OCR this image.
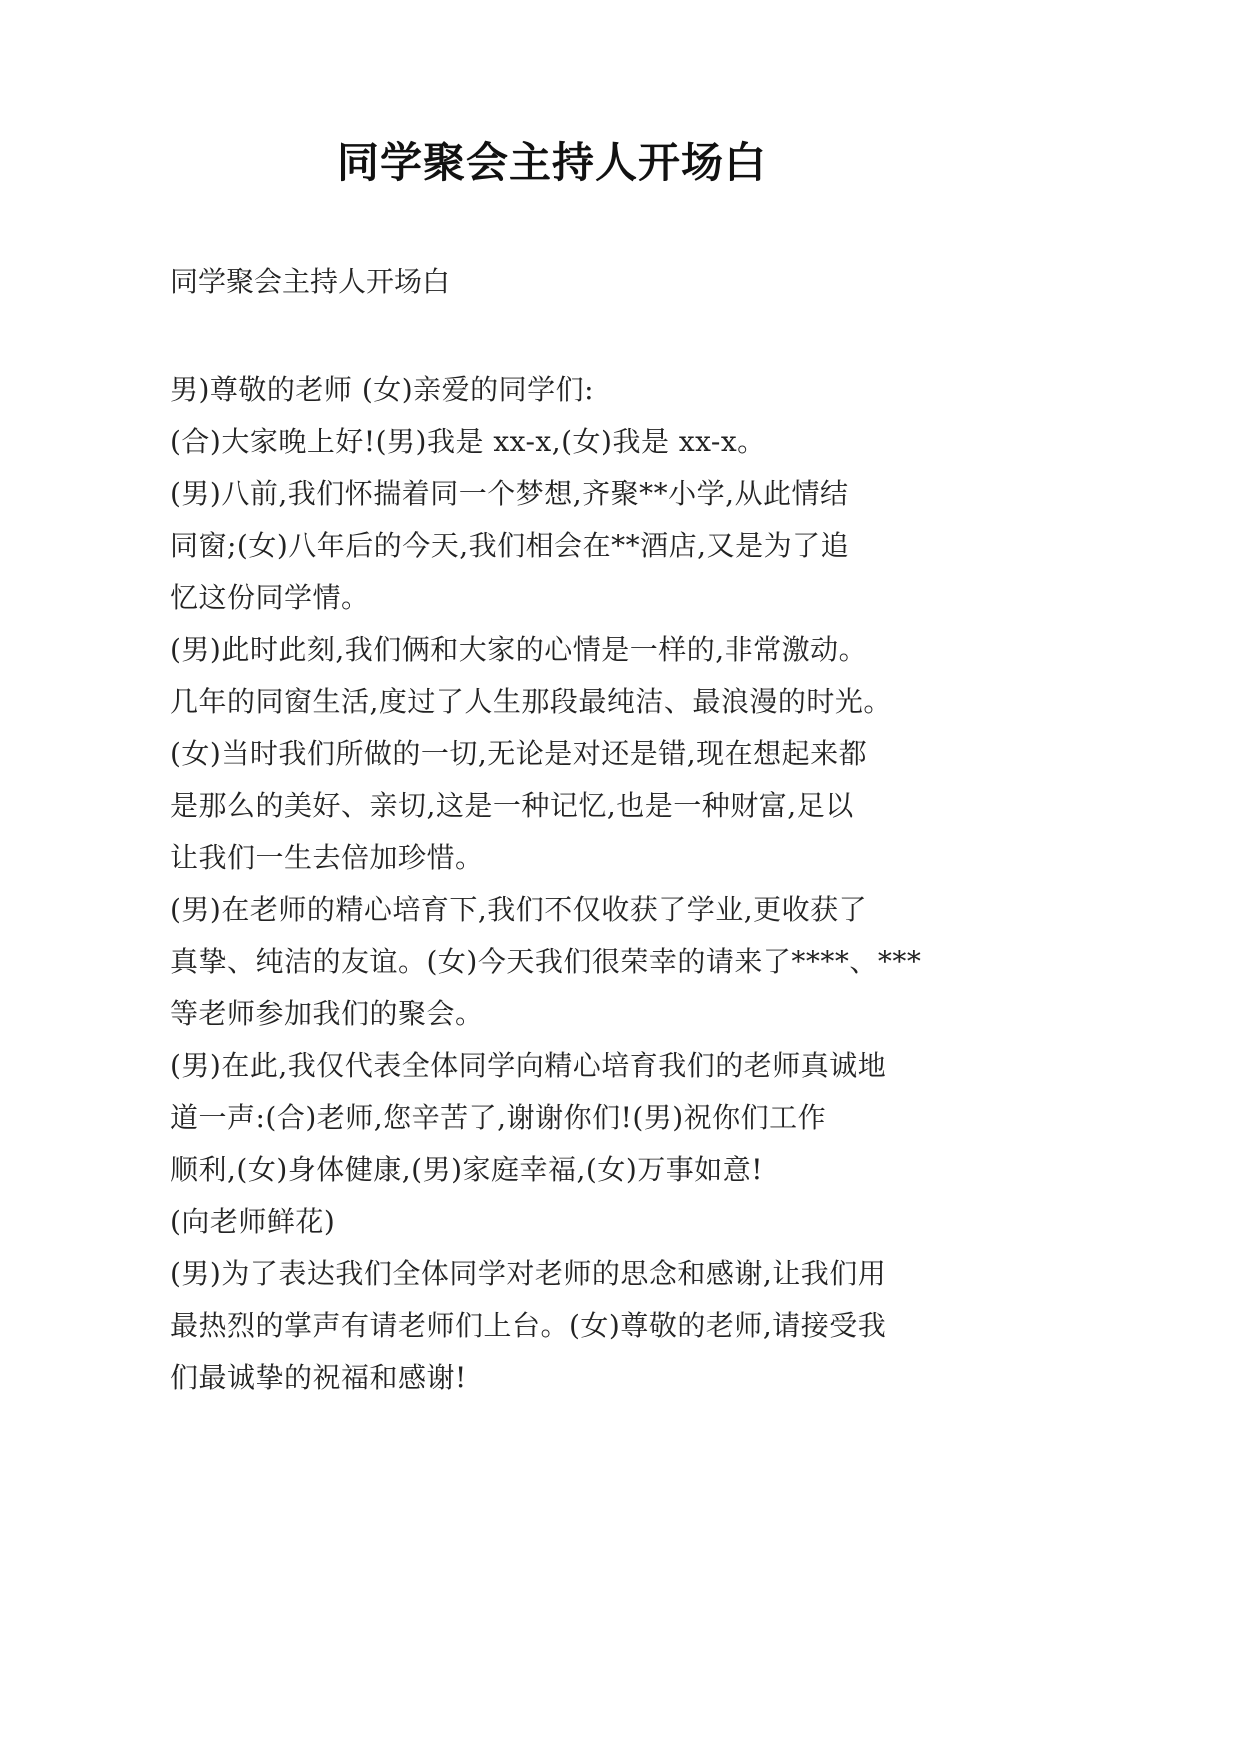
同学聚会主持人开场白
同学聚会主持人开场白
男)尊敬的老师 (女)亲爱的同学们:
(合)大家晚上好!(男)我是 xx-x,(女)我是 xx-x。
(男)八前,我们怀揣着同一个梦想,齐聚**小学,从此情结
同窗;(女)八年后的今天,我们相会在**酒店,又是为了追
忆这份同学情。
(男)此时此刻,我们俩和大家的心情是一样的,非常激动。
几年的同窗生活,度过了人生那段最纯洁、最浪漫的时光。
(女)当时我们所做的一切,无论是对还是错,现在想起来都
是那么的美好、亲切,这是一种记忆,也是一种财富,足以
让我们一生去倍加珍惜。
(男)在老师的精心培育下,我们不仅收获了学业,更收获了
真挚、纯洁的友谊。(女)今天我们很荣幸的请来了****、***
等老师参加我们的聚会。
(男)在此,我仅代表全体同学向精心培育我们的老师真诚地
道一声:(合)老师,您辛苦了,谢谢你们!(男)祝你们工作
顺利,(女)身体健康,(男)家庭幸福,(女)万事如意!
(向老师鲜花)
(男)为了表达我们全体同学对老师的思念和感谢,让我们用
最热烈的掌声有请老师们上台。(女)尊敬的老师,请接受我
们最诚挚的祝福和感谢!
